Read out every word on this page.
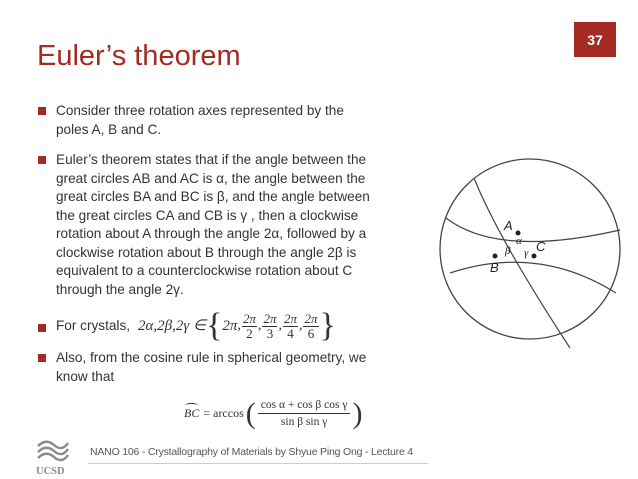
37
Euler’s theorem
Consider three rotation axes represented by the
poles A, B and C.
Euler’s theorem states that if the angle between the
great circles AB and AC is α, the angle between the
great circles BA and BC is β, and the angle between
the great circles CA and CB is γ , then a clockwise
rotation about A through the angle 2α, followed by a
clockwise rotation about B through the angle 2β is
equivalent to a counterclockwise rotation about C
through the angle 2γ.
For crystals, 2α,2β,2γ ∈ { 2π , $\frac{2\pi}{2}$ , $\frac{2\pi}{3}$ , $\frac{2\pi}{4}$ , $\frac{2\pi}{6}$ }
Also, from the cosine rule in spherical geometry, we
know that
BC = arccos ( $\frac{\text{cos α + cos β cos γ}}{\text{sin β sin γ}}$ )
A
B
C
α
β γ
UCSD
NANO 106 - Crystallography of Materials by Shyue Ping Ong - Lecture 4
